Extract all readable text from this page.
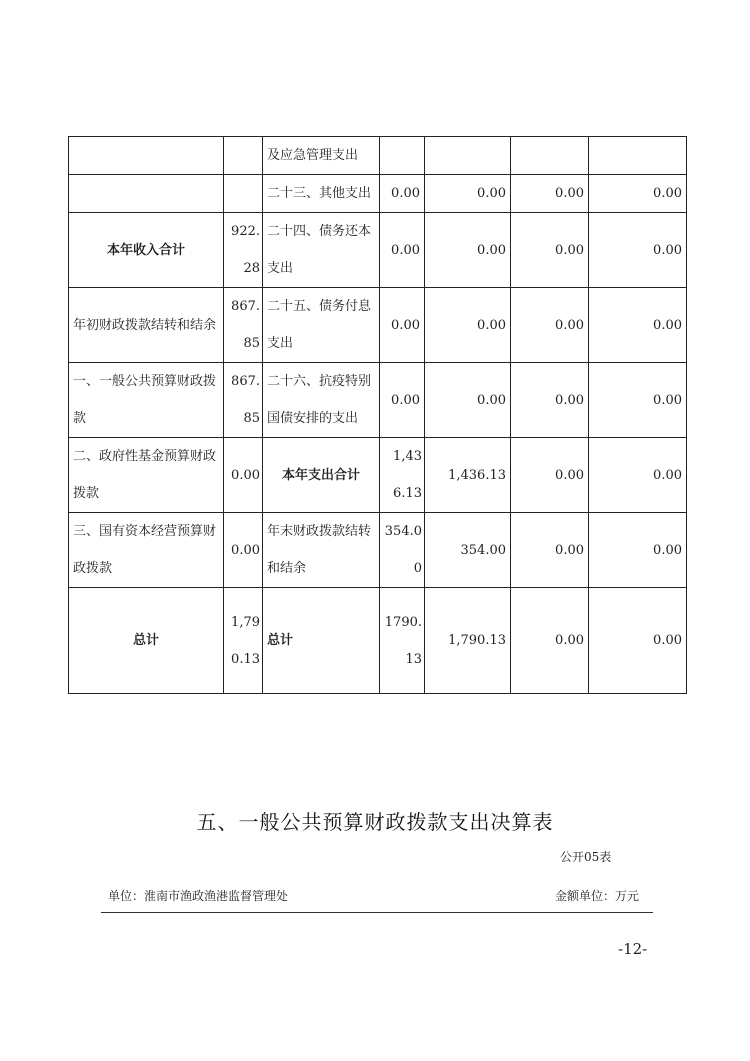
		及应急管理支出				
		二十三、其他支出	0.00	0.00	0.00	0.00
本年收入合计	922.28	二十四、债务还本支出	0.00	0.00	0.00	0.00
年初财政拨款结转和结余	867.85	二十五、债务付息支出	0.00	0.00	0.00	0.00
一、一般公共预算财政拨款	867.85	二十六、抗疫特别国债安排的支出	0.00	0.00	0.00	0.00
二、政府性基金预算财政拨款	0.00	本年支出合计	1,436.13	1,436.13	0.00	0.00
三、国有资本经营预算财政拨款	0.00	年末财政拨款结转和结余	354.00	354.00	0.00	0.00
总计	1,790.13	总计	1790.13	1,790.13	0.00	0.00
五、一般公共预算财政拨款支出决算表
公开05表
单位：淮南市渔政渔港监督管理处	金额单位：万元
-12-
